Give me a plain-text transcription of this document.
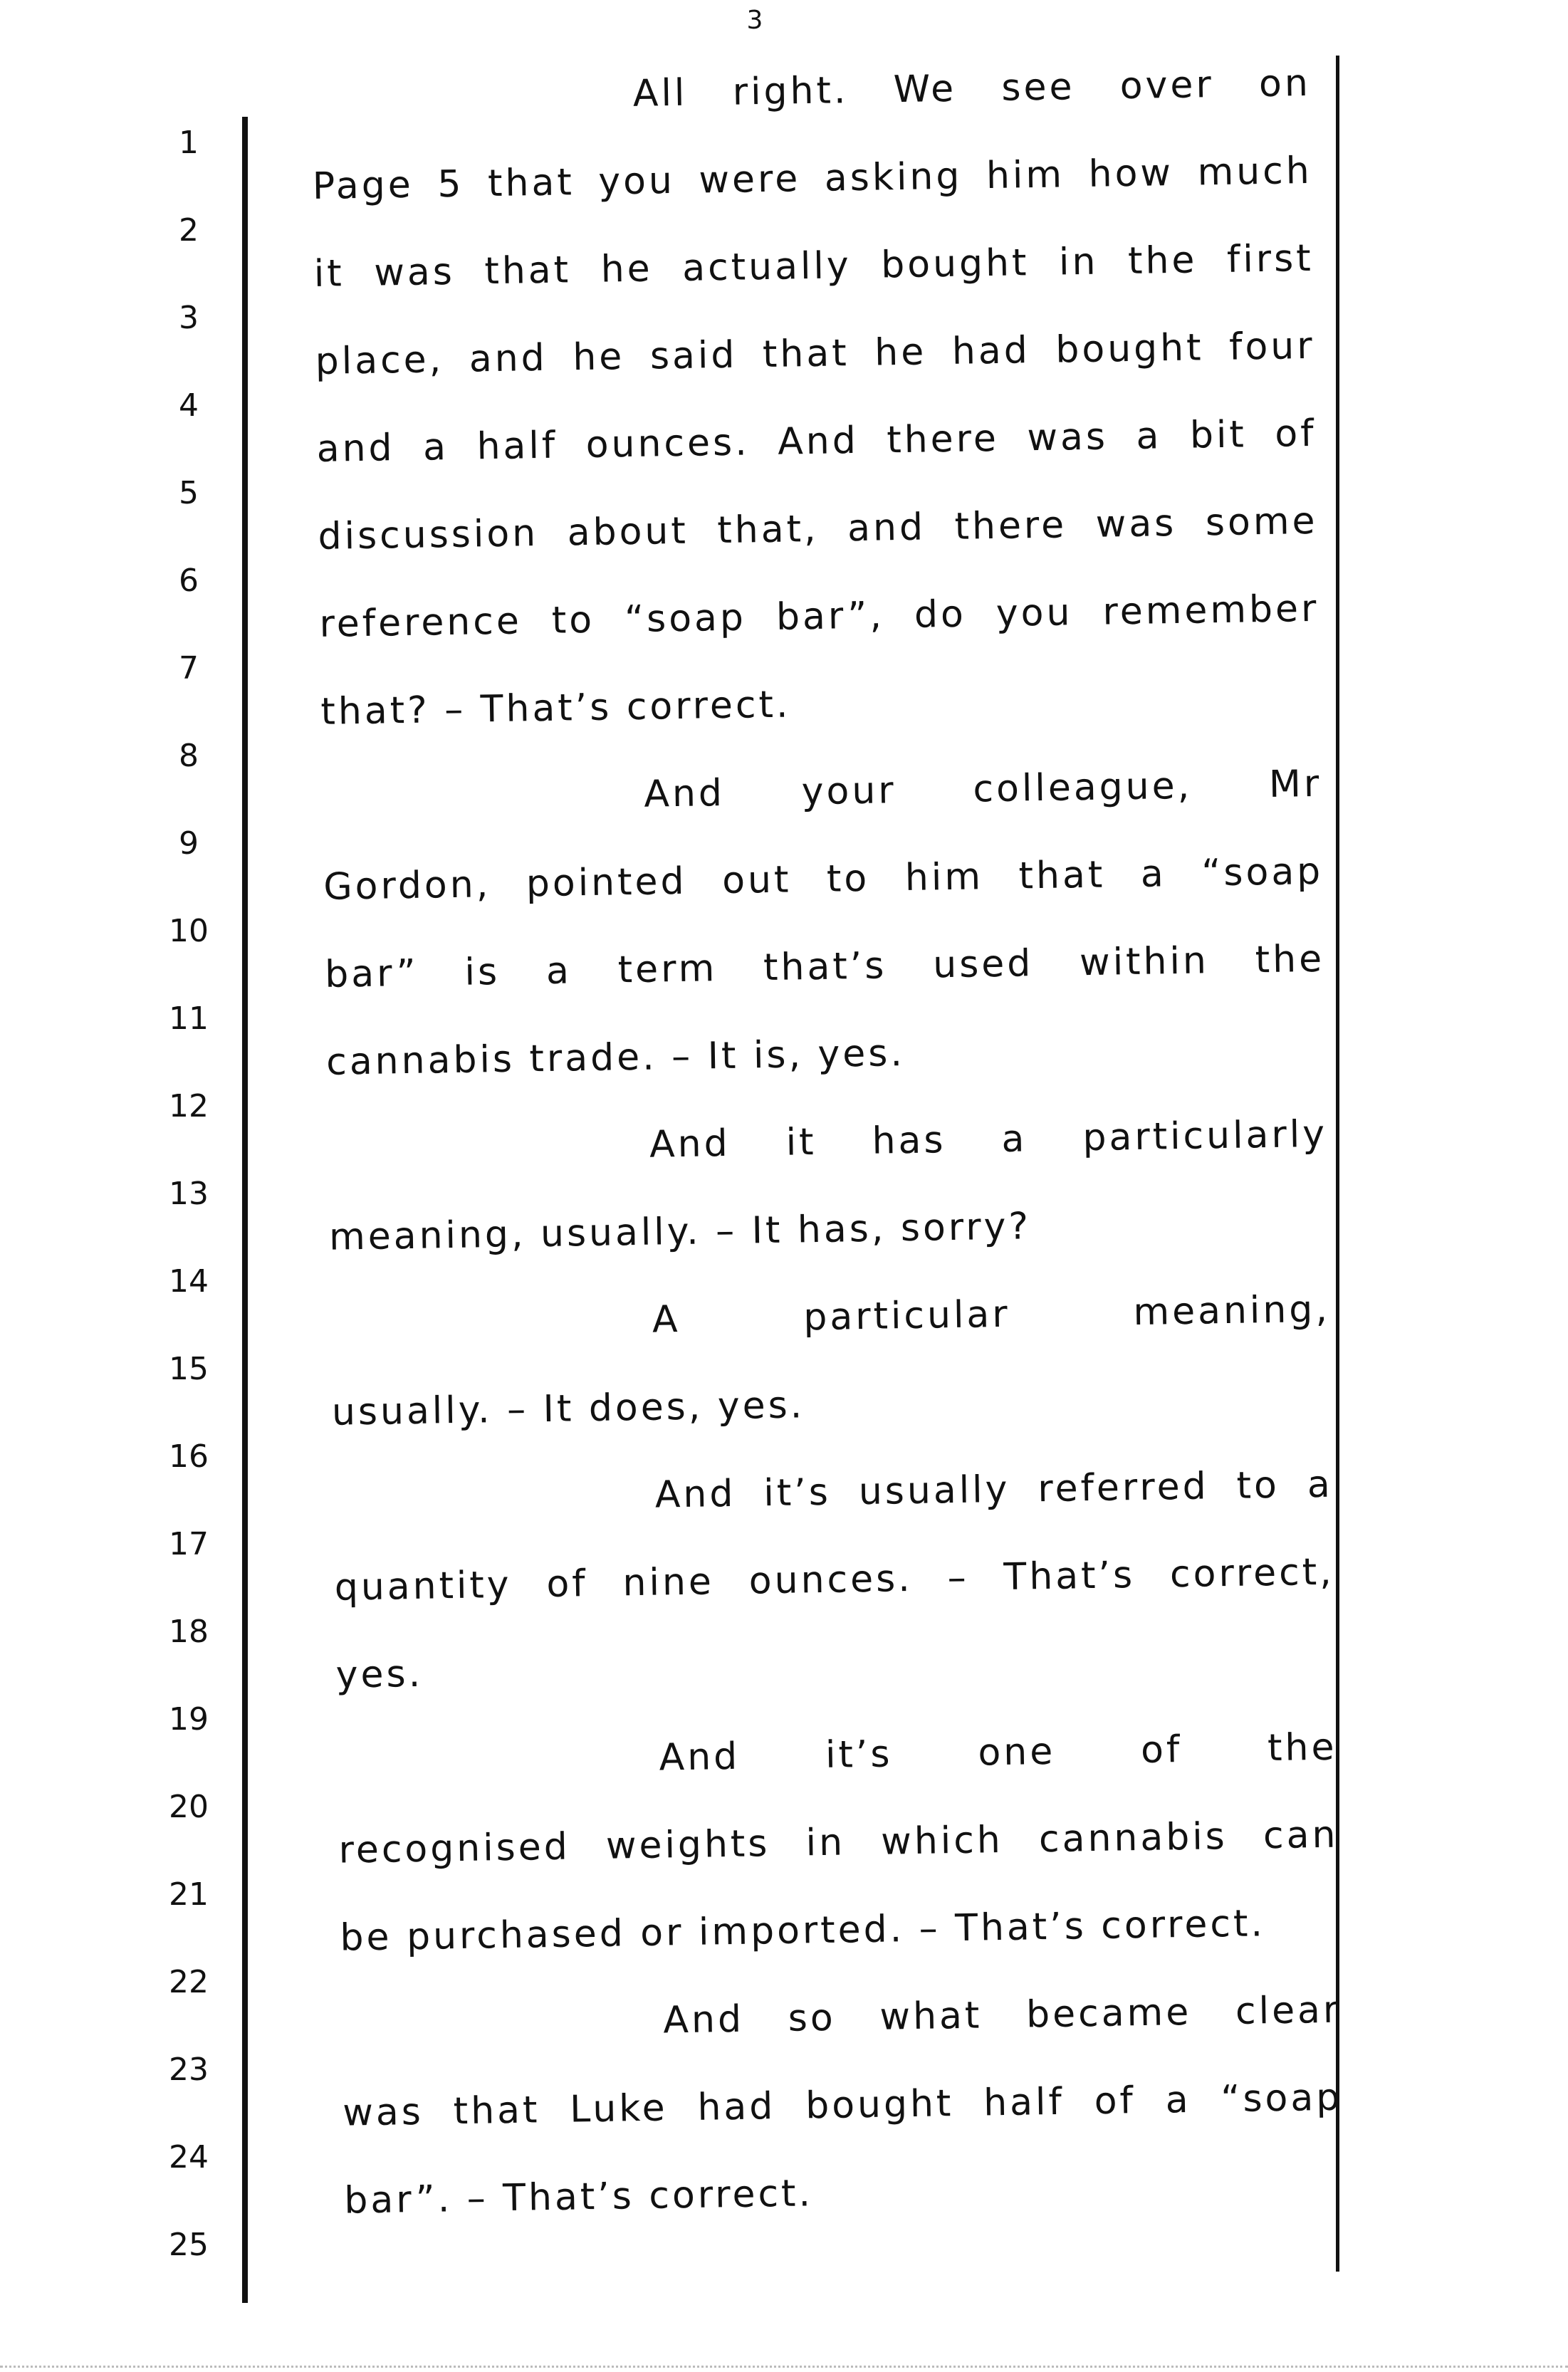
3
1
2
3
4
5
6
7
8
9
10
11
12
13
14
15
16
17
18
19
20
21
22
23
24
25
All right. We see over on
Page 5 that you were asking him how much
it was that he actually bought in the first
place, and he said that he had bought four
and a half ounces. And there was a bit of
discussion about that, and there was some
reference to “soap bar”, do you remember
that? – That’s correct.
And your colleague, Mr
Gordon, pointed out to him that a “soap
bar” is a term that’s used within the
cannabis trade. – It is, yes.
And it has a particularly
meaning, usually. – It has, sorry?
A particular meaning,
usually. – It does, yes.
And it’s usually referred to a
quantity of nine ounces. – That’s correct,
yes.
And it’s one of the
recognised weights in which cannabis can
be purchased or imported. – That’s correct.
And so what became clear
was that Luke had bought half of a “soap
bar”. – That’s correct.
